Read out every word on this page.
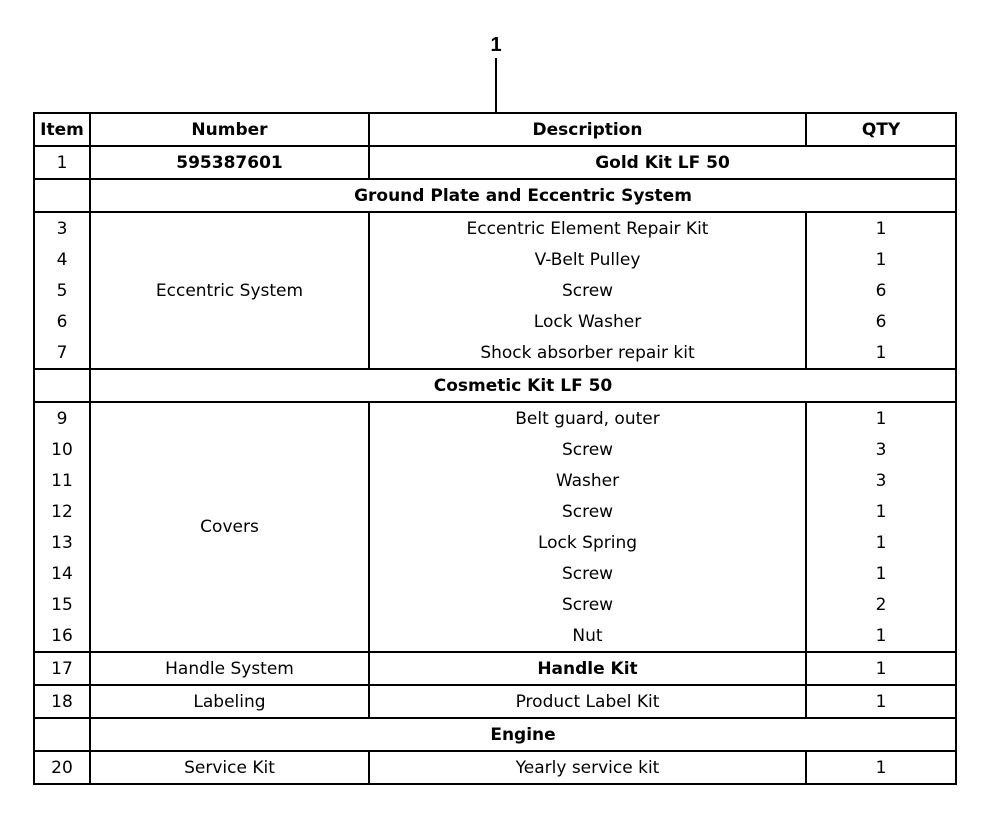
1
Item	Number	Description	QTY
1	595387601	Gold Kit LF 50	
	Ground Plate and Eccentric System		
3	Eccentric System	Eccentric Element Repair Kit	1
4		V-Belt Pulley	1
5		Screw	6
6		Lock Washer	6
7		Shock absorber repair kit	1
	Cosmetic Kit LF 50		
9	Covers	Belt guard, outer	1
10		Screw	3
11		Washer	3
12		Screw	1
13		Lock Spring	1
14		Screw	1
15		Screw	2
16		Nut	1
17	Handle System	Handle Kit	1
18	Labeling	Product Label Kit	1
	Engine		
20	Service Kit	Yearly service kit	1
